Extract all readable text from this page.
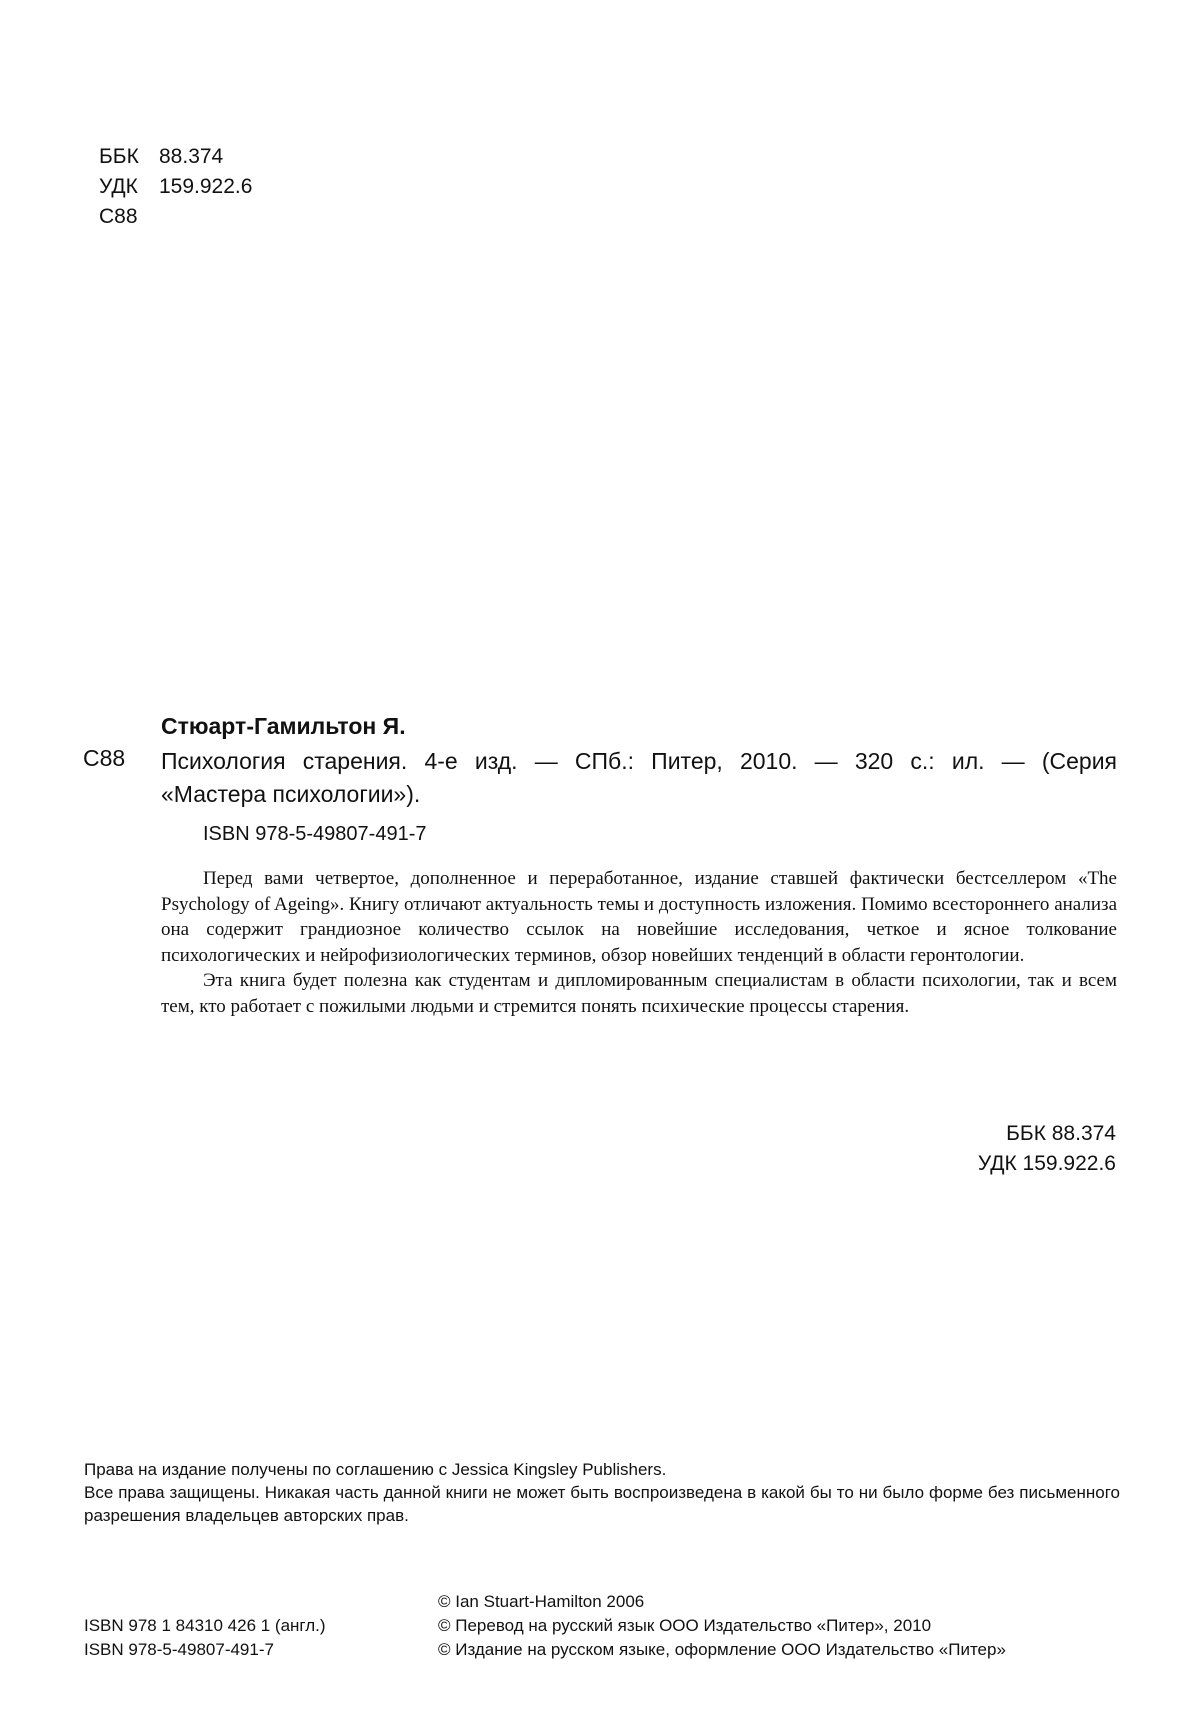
ББК 88.374
УДК 159.922.6
С88
Стюарт-Гамильтон Я.
С88 Психология старения. 4-е изд. — СПб.: Питер, 2010. — 320 с.: ил. — (Серия
«Мастера психологии»).
ISBN 978-5-49807-491-7

Перед вами четвертое, дополненное и переработанное, издание ставшей фактически бестселлером «The Psychology of Ageing». Книгу отличают актуальность темы и доступность изложения. Помимо всестороннего анализа она содержит грандиозное количество ссылок на новейшие исследования, четкое и ясное толкование психологических и нейрофизиологических терминов, обзор новейших тенденций в области геронтологии.

Эта книга будет полезна как студентам и дипломированным специалистам в области психологии, так и всем тем, кто работает с пожилыми людьми и стремится понять психические процессы старения.

ББК 88.374
УДК 159.922.6

Права на издание получены по соглашению с Jessica Kingsley Publishers.

Все права защищены. Никакая часть данной книги не может быть воспроизведена в какой бы то ни было форме без письменного разрешения владельцев авторских прав.

ISBN 978 1 84310 426 1 (англ.)
ISBN 978-5-49807-491-7
© Ian Stuart-Hamilton 2006
© Перевод на русский язык ООО Издательство «Питер», 2010
© Издание на русском языке, оформление ООО Издательство «Питер»
